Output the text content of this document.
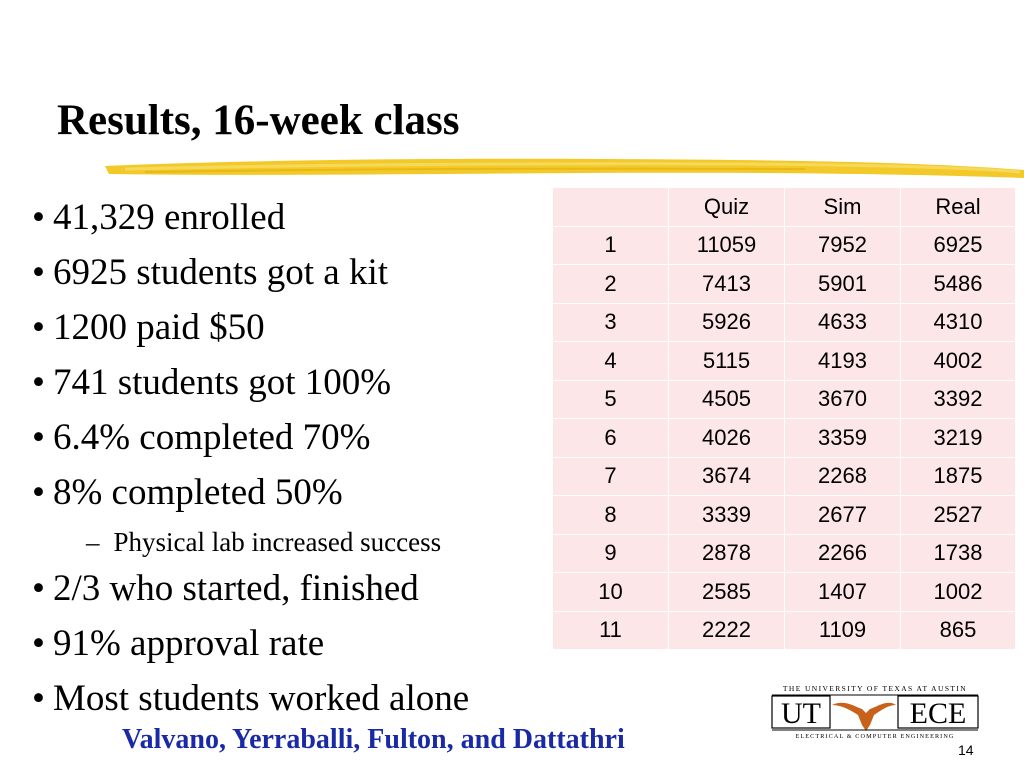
Results, 16-week class
• 41,329 enrolled
• 6925 students got a kit
• 1200 paid $50
• 741 students got 100%
• 6.4% completed 70%
• 8% completed 50%
– Physical lab increased success
• 2/3 who started, finished
• 91% approval rate
• Most students worked alone
	Quiz	Sim	Real
1	11059	7952	6925
2	7413	5901	5486
3	5926	4633	4310
4	5115	4193	4002
5	4505	3670	3392
6	4026	3359	3219
7	3674	2268	1875
8	3339	2677	2527
9	2878	2266	1738
10	2585	1407	1002
11	2222	1109	865
Valvano, Yerraballi, Fulton, and Dattathri
THE UNIVERSITY OF TEXAS AT AUSTIN
UT	ECE
ELECTRICAL & COMPUTER ENGINEERING
14
